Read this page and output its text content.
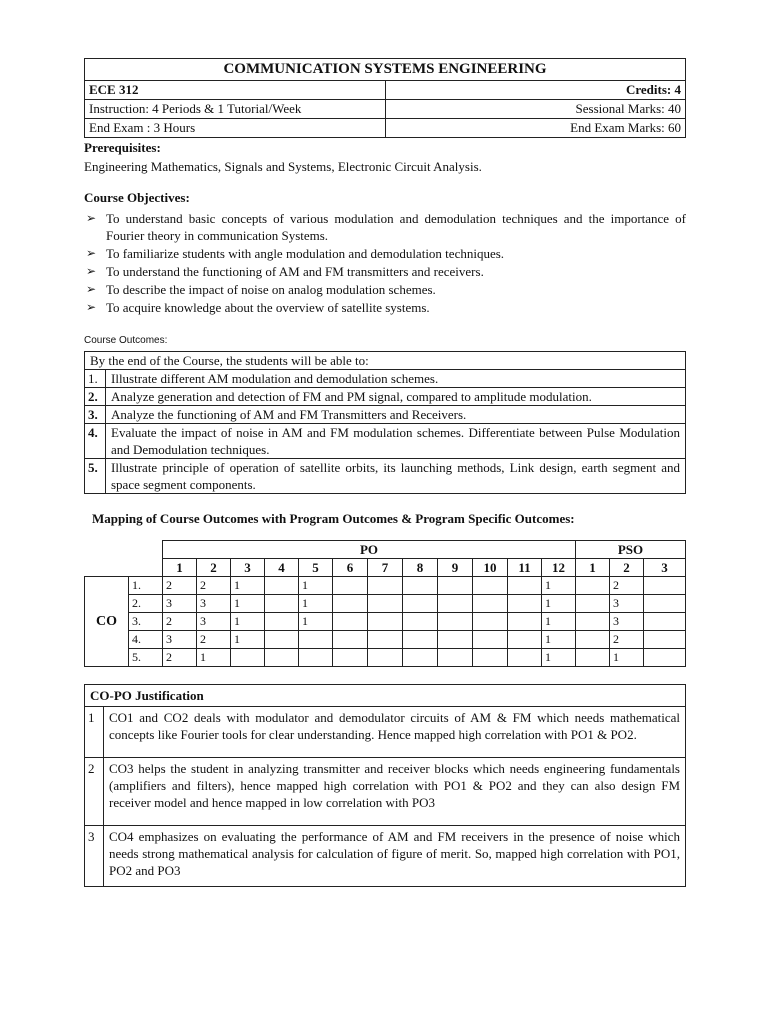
COMMUNICATION SYSTEMS ENGINEERING	
ECE 312	Credits: 4
Instruction: 4 Periods & 1 Tutorial/Week	Sessional Marks: 40
End Exam : 3 Hours	End Exam Marks: 60
Prerequisites:
Engineering Mathematics, Signals and Systems, Electronic Circuit Analysis.
Course Objectives:
➢ To understand basic concepts of various modulation and demodulation techniques and the importance of Fourier theory in communication Systems.
➢ To familiarize students with angle modulation and demodulation techniques.
➢ To understand the functioning of AM and FM transmitters and receivers.
➢ To describe the impact of noise on analog modulation schemes.
➢ To acquire knowledge about the overview of satellite systems.
Course Outcomes:
By the end of the Course, the students will be able to:	
1.	Illustrate different AM modulation and demodulation schemes.
2.	Analyze generation and detection of FM and PM signal, compared to amplitude modulation.
3.	Analyze the functioning of AM and FM Transmitters and Receivers.
4.	Evaluate the impact of noise in AM and FM modulation schemes. Differentiate between Pulse Modulation and Demodulation techniques.
5.	Illustrate principle of operation of satellite orbits, its launching methods, Link design, earth segment and space segment components.
Mapping of Course Outcomes with Program Outcomes & Program Specific Outcomes:
		PO												PSO		
		1	2	3	4	5	6	7	8	9	10	11	12	1	2	3
CO	1.	2	2	1		1							1		2	
	2.	3	3	1		1							1		3	
	3.	2	3	1		1							1		3	
	4.	3	2	1									1		2	
	5.	2	1										1		1	
CO-PO Justification	
1	CO1 and CO2 deals with modulator and demodulator circuits of AM & FM which needs mathematical concepts like Fourier tools for clear understanding. Hence mapped high correlation with PO1 & PO2.
2	CO3 helps the student in analyzing transmitter and receiver blocks which needs engineering fundamentals (amplifiers and filters), hence mapped high correlation with PO1 & PO2 and they can also design FM receiver model and hence mapped in low correlation with PO3
3	CO4 emphasizes on evaluating the performance of AM and FM receivers in the presence of noise which needs strong mathematical analysis for calculation of figure of merit. So, mapped high correlation with PO1, PO2 and PO3
